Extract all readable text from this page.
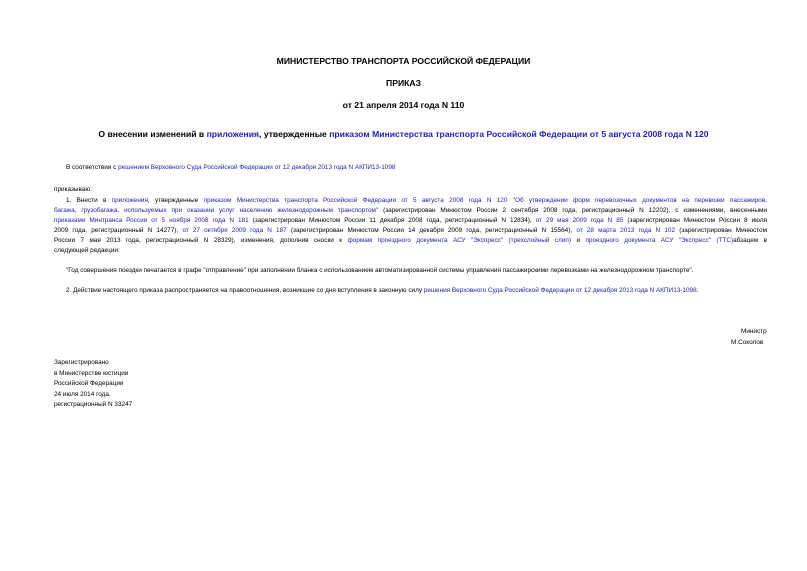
МИНИСТЕРСТВО ТРАНСПОРТА РОССИЙСКОЙ ФЕДЕРАЦИИ
ПРИКАЗ
от 21 апреля 2014 года N 110
О внесении изменений в приложения, утвержденные приказом Министерства транспорта Российской Федерации от 5 августа 2008 года N 120
В соответствии с решением Верховного Суда Российской Федерации от 12 декабря 2013 года N АКПИ13-1098
приказываю:
1. Внести в приложения, утвержденные приказом Министерства транспорта Российской Федерации от 5 августа 2008 года N 120 "Об утверждении форм перевозочных документов на перевозки пассажиров,
багажа, грузобагажа, используемых при оказании услуг населению железнодорожным транспортом" (зарегистрирован Минюстом России 2 сентября 2008 года, регистрационный N 12202), с изменениями, внесенными
приказами Минтранса России от 5 ноября 2008 года N 181 (зарегистрирован Минюстом России 11 декабря 2008 года, регистрационный N 12834), от 29 мая 2009 года N 85 (зарегистрирован Минюстом России 8 июля
2009 года, регистрационный N 14277), от 27 октября 2009 года N 187 (зарегистрирован Минюстом России 14 декабря 2009 года, регистрационный N 15564), от 28 марта 2013 года N 102 (зарегистрирован Минюстом
России 7 мая 2013 года, регистрационный N 28329), изменения, дополнив сноски к формам проездного документа АСУ "Экспресс" (трехслойный слип) и проездного документа АСУ "Экспресс" (ТТС)абзацем в
следующей редакции:
"Год совершения поездки печатается в графе "отправление" при заполнении бланка с использованием автоматизированной системы управления пассажирскими перевозками на железнодорожном транспорте".
2. Действие настоящего приказа распространяется на правоотношения, возникшие со дня вступления в законную силу решения Верховного Суда Российской Федерации от 12 декабря 2013 года N АКПИ13-1098.
Министр
М.Соколов
Зарегистрировано
в Министерстве юстиции
Российской Федерации
24 июля 2014 года,
регистрационный N 33247
